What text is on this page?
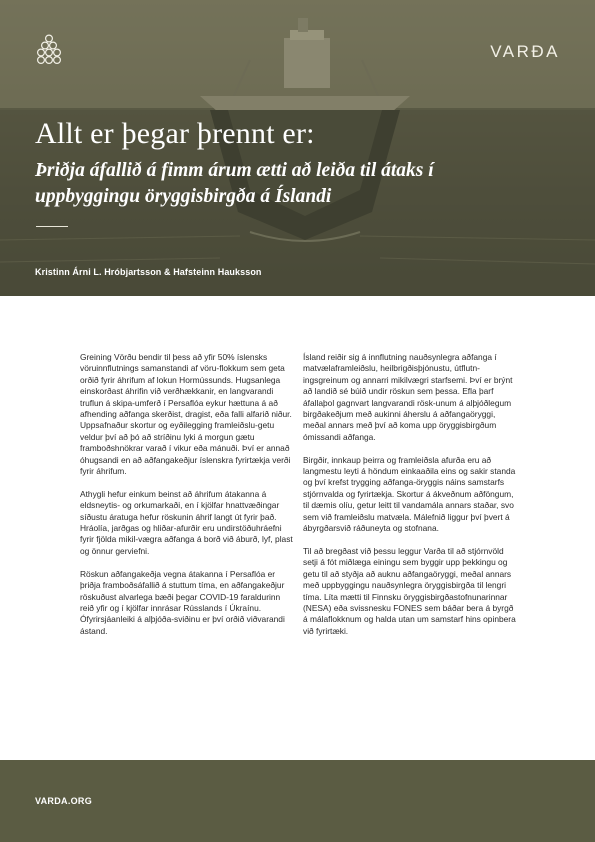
VARÐA
Allt er þegar þrennt er:
Þriðja áfallið á fimm árum ætti að leiða til átaks í uppbyggingu öryggisbirgða á Íslandi
Kristinn Árni L. Hróbjartsson & Hafsteinn Hauksson

Greining Vörðu bendir til þess að yfir 50% íslensks vöruinnflutnings samanstandi af vöru-flokkum sem geta orðið fyrir áhrifum af lokun Hormússunds. Hugsanlega einskorðast áhrifin við verðhækkanir, en langvarandi truflun á skipa-umferð í Persaflóa eykur hættuna á að afhending aðfanga skerðist, dragist, eða falli alfarið niður. Uppsafnaður skortur og eyðilegging framleiðslu-getu veldur því að þó að stríðinu lyki á morgun gætu framboðshnökrar varað í vikur eða mánuði. Því er annað óhugsandi en að aðfangakeðjur íslenskra fyrirtækja verði fyrir áhrifum.

Athygli hefur einkum beinst að áhrifum átakanna á eldsneytis- og orkumarkaði, en í kjölfar hnattvæðingar síðustu áratuga hefur röskunin áhrif langt út fyrir það. Hráolía, jarðgas og hliðar-afurðir eru undirstöðuhráefni fyrir fjölda mikil-vægra aðfanga á borð við áburð, lyf, plast og önnur gerviefni.

Röskun aðfangakeðja vegna átakanna í Persaflóa er þriðja framboðsáfallið á stuttum tíma, en aðfangakeðjur röskuðust alvarlega bæði þegar COVID-19 faraldurinn reið yfir og í kjölfar innrásar Rússlands í Úkraínu. Ófyrirsjáanleiki á alþjóða-sviðinu er því orðið viðvarandi ástand.

Ísland reiðir sig á innflutning nauðsynlegra aðfanga í matvælaframleiðslu, heilbrigðisþjónustu, útflutn-ingsgreinum og annarri mikilvægri starfsemi. Því er brýnt að landið sé búið undir röskun sem þessa. Efla þarf áfallaþol gagnvart langvarandi rösk-unum á alþjóðlegum birgðakeðjum með aukinni áherslu á aðfangaöryggi, meðal annars með því að koma upp öryggisbirgðum ómissandi aðfanga.

Birgðir, innkaup þeirra og framleiðsla afurða eru að langmestu leyti á höndum einkaaðila eins og sakir standa og því krefst trygging aðfanga-öryggis náins samstarfs stjórnvalda og fyrirtækja. Skortur á ákveðnum aðföngum, til dæmis olíu, getur leitt til vandamála annars staðar, svo sem við framleiðslu matvæla. Málefnið liggur því þvert á ábyrgðarsvið ráðuneyta og stofnana.

Til að bregðast við þessu leggur Varða til að stjórnvöld setji á fót miðlæga einingu sem byggir upp þekkingu og getu til að styðja að auknu aðfangaöryggi, meðal annars með uppbyggingu nauðsynlegra öryggisbirgða til lengri tíma. Líta mætti til Finnsku öryggisbirgðastofnunarinnar (NESA) eða svissnesku FONES sem báðar bera á byrgð á málaflokknum og halda utan um samstarf hins opinbera við fyrirtæki.

VARDA.ORG
